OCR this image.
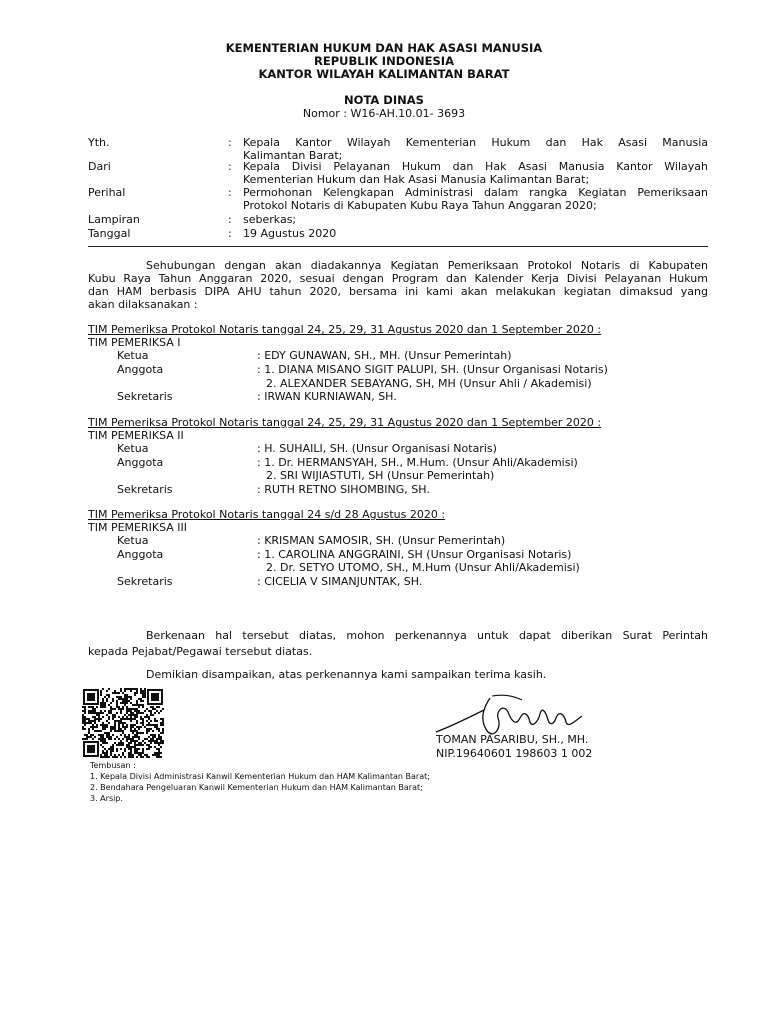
KEMENTERIAN HUKUM DAN HAK ASASI MANUSIA
REPUBLIK INDONESIA
KANTOR WILAYAH KALIMANTAN BARAT
NOTA DINAS
Nomor : W16-AH.10.01- 3693
Yth.	: Kepala Kantor Wilayah Kementerian Hukum dan Hak Asasi Manusia
Kalimantan Barat;
Dari	: Kepala Divisi Pelayanan Hukum dan Hak Asasi Manusia Kantor Wilayah
Kementerian Hukum dan Hak Asasi Manusia Kalimantan Barat;
Perihal	: Permohonan Kelengkapan Administrasi dalam rangka Kegiatan Pemeriksaan
Protokol Notaris di Kabupaten Kubu Raya Tahun Anggaran 2020;
Lampiran	: seberkas;
Tanggal	: 19 Agustus 2020
Sehubungan dengan akan diadakannya Kegiatan Pemeriksaan Protokol Notaris di Kabupaten
Kubu Raya Tahun Anggaran 2020, sesuai dengan Program dan Kalender Kerja Divisi Pelayanan Hukum
dan HAM berbasis DIPA AHU tahun 2020, bersama ini kami akan melakukan kegiatan dimaksud yang
akan dilaksanakan :
TIM Pemeriksa Protokol Notaris tanggal 24, 25, 29, 31 Agustus 2020 dan 1 September 2020 :
TIM PEMERIKSA I
Ketua	: EDY GUNAWAN, SH., MH. (Unsur Pemerintah)
Anggota	: 1. DIANA MISANO SIGIT PALUPI, SH. (Unsur Organisasi Notaris)
2. ALEXANDER SEBAYANG, SH, MH (Unsur Ahli / Akademisi)
Sekretaris	: IRWAN KURNIAWAN, SH.
TIM Pemeriksa Protokol Notaris tanggal 24, 25, 29, 31 Agustus 2020 dan 1 September 2020 :
TIM PEMERIKSA II
Ketua	: H. SUHAILI, SH. (Unsur Organisasi Notaris)
Anggota	: 1. Dr. HERMANSYAH, SH., M.Hum. (Unsur Ahli/Akademisi)
2. SRI WIJIASTUTI, SH (Unsur Pemerintah)
Sekretaris	: RUTH RETNO SIHOMBING, SH.
TIM Pemeriksa Protokol Notaris tanggal 24 s/d 28 Agustus 2020 :
TIM PEMERIKSA III
Ketua	: KRISMAN SAMOSIR, SH. (Unsur Pemerintah)
Anggota	: 1. CAROLINA ANGGRAINI, SH (Unsur Organisasi Notaris)
2. Dr. SETYO UTOMO, SH., M.Hum (Unsur Ahli/Akademisi)
Sekretaris	: CICELIA V SIMANJUNTAK, SH.
Berkenaan hal tersebut diatas, mohon perkenannya untuk dapat diberikan Surat Perintah
kepada Pejabat/Pegawai tersebut diatas.
Demikian disampaikan, atas perkenannya kami sampaikan terima kasih.
TOMAN PASARIBU, SH., MH.
NIP.19640601 198603 1 002
Tembusan :
1. Kepala Divisi Administrasi Kanwil Kementerian Hukum dan HAM Kalimantan Barat;
2. Bendahara Pengeluaran Kanwil Kementerian Hukum dan HAM Kalimantan Barat;
3. Arsip.
